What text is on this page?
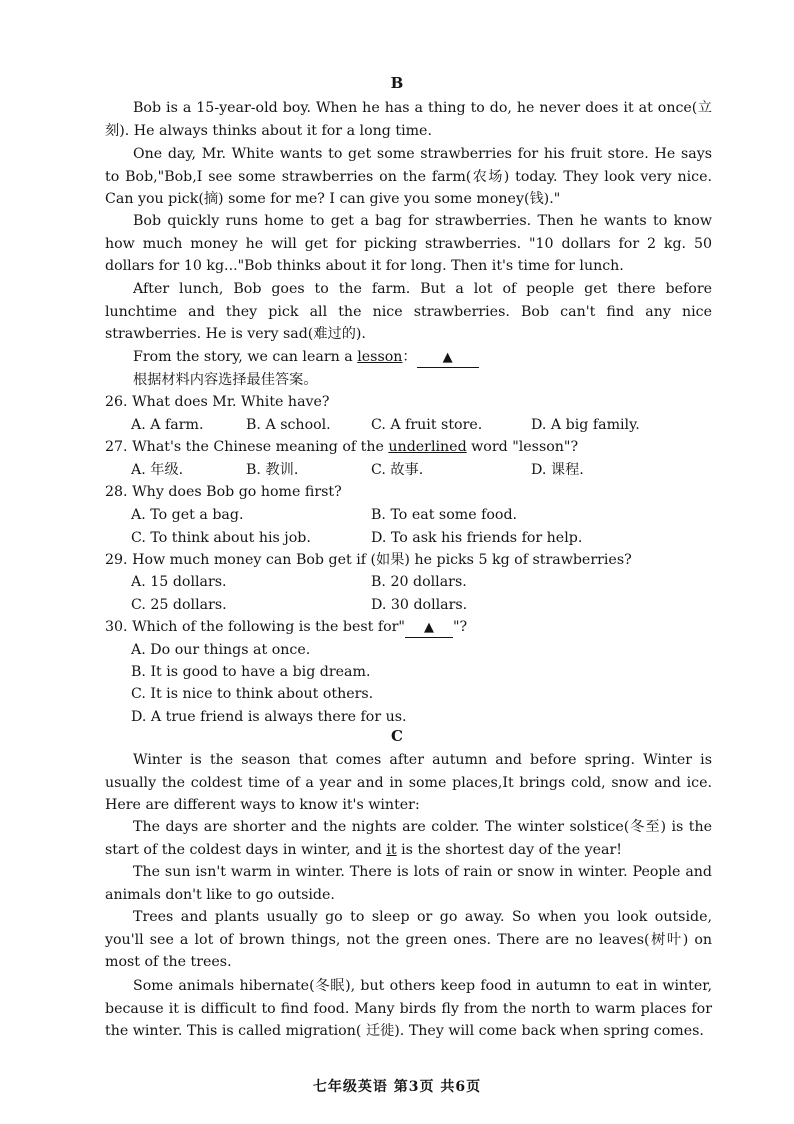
B
Bob is a 15-year-old boy. When he has a thing to do, he never does it at once(立刻). He always thinks about it for a long time.
One day, Mr. White wants to get some strawberries for his fruit store. He says to Bob,"Bob,I see some strawberries on the farm(农场) today. They look very nice. Can you pick(摘) some for me? I can give you some money(钱)."
Bob quickly runs home to get a bag for strawberries. Then he wants to know how much money he will get for picking strawberries. "10 dollars for 2 kg. 50 dollars for 10 kg..."Bob thinks about it for long. Then it's time for lunch.
After lunch, Bob goes to the farm. But a lot of people get there before lunchtime and they pick all the nice strawberries. Bob can't find any nice strawberries. He is very sad(难过的).
From the story, we can learn a lesson： ▲
根据材料内容选择最佳答案。
26. What does Mr. White have?
A. A farm.	B. A school.	C. A fruit store.	D. A big family.
27. What's the Chinese meaning of the underlined word "lesson"?
A. 年级.	B. 教训.	C. 故事.	D. 课程.
28. Why does Bob go home first?
A. To get a bag.	B. To eat some food.
C. To think about his job.	D. To ask his friends for help.
29. How much money can Bob get if (如果) he picks 5 kg of strawberries?
A. 15 dollars.	B. 20 dollars.
C. 25 dollars.	D. 30 dollars.
30. Which of the following is the best for" ▲ "?
A. Do our things at once.
B. It is good to have a big dream.
C. It is nice to think about others.
D. A true friend is always there for us.
C
Winter is the season that comes after autumn and before spring. Winter is usually the coldest time of a year and in some places,It brings cold, snow and ice. Here are different ways to know it's winter:
The days are shorter and the nights are colder. The winter solstice(冬至) is the start of the coldest days in winter, and it is the shortest day of the year!
The sun isn't warm in winter. There is lots of rain or snow in winter. People and animals don't like to go outside.
Trees and plants usually go to sleep or go away. So when you look outside, you'll see a lot of brown things, not the green ones. There are no leaves(树叶) on most of the trees.
Some animals hibernate(冬眠), but others keep food in autumn to eat in winter, because it is difficult to find food. Many birds fly from the north to warm places for the winter. This is called migration( 迁徙). They will come back when spring comes.
七年级英语 第3页 共6页
